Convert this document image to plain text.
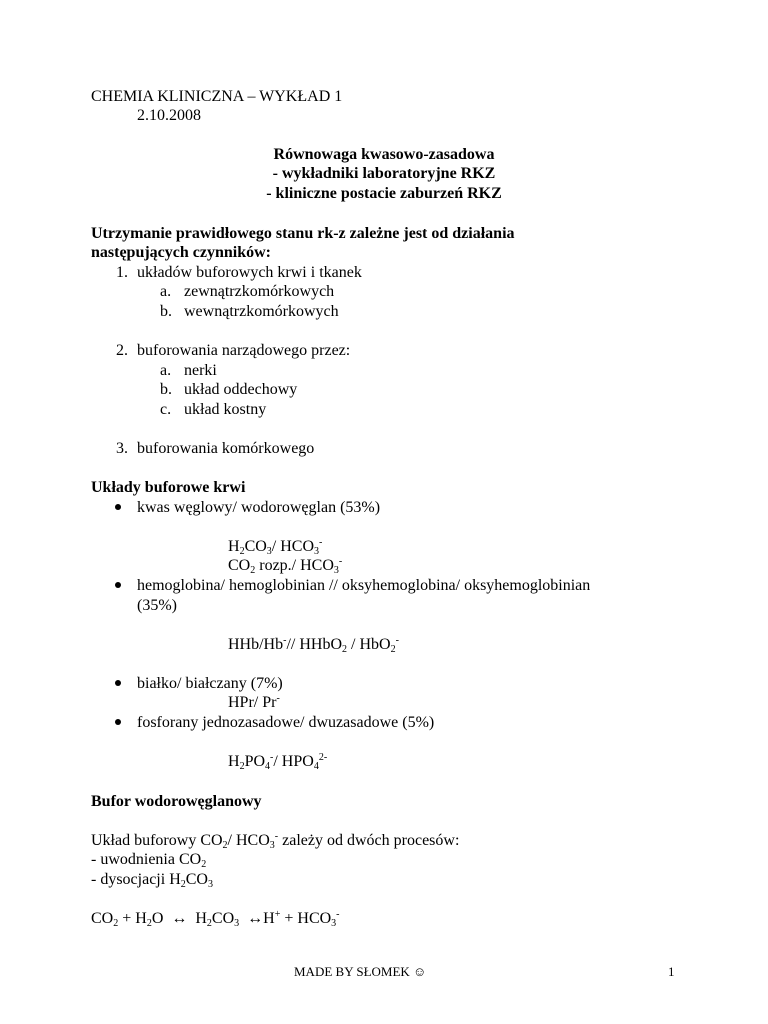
CHEMIA KLINICZNA – WYKŁAD 1
2.10.2008
Równowaga kwasowo-zasadowa
- wykładniki laboratoryjne RKZ
- kliniczne postacie zaburzeń RKZ
Utrzymanie prawidłowego stanu rk-z zależne jest od działania
następujących czynników:
1. układów buforowych krwi i tkanek
a. zewnątrzkomórkowych
b. wewnątrzkomórkowych
2. buforowania narządowego przez:
a. nerki
b. układ oddechowy
c. układ kostny
3. buforowania komórkowego
Układy buforowe krwi
kwas węglowy/ wodorowęglan (53%)
$H_2CO_3/$ $HCO_3^-$
$CO_2$ rozp./ $HCO_3^-$
hemoglobina/ hemoglobinian // oksyhemoglobina/ oksyhemoglobinian
(35%)
HHb/Hb-// HHbO$_2$ / HbO$_2$-
białko/ białczany (7%)
HPr/ Pr-
fosforany jednozasadowe/ dwuzasadowe (5%)
$H_2PO_4^-/$ $HPO_4^{2-}$
Bufor wodorowęglanowy
Układ buforowy $CO_2/$ $HCO_3^-$ zależy od dwóch procesów:
- uwodnienia $CO_2$
- dysocjacji $H_2CO_3$
$CO_2 + H_2O$  ↔  $H_2CO_3$  ↔H+ + $HCO_3^-$
MADE BY SŁOMEK ☺	1
